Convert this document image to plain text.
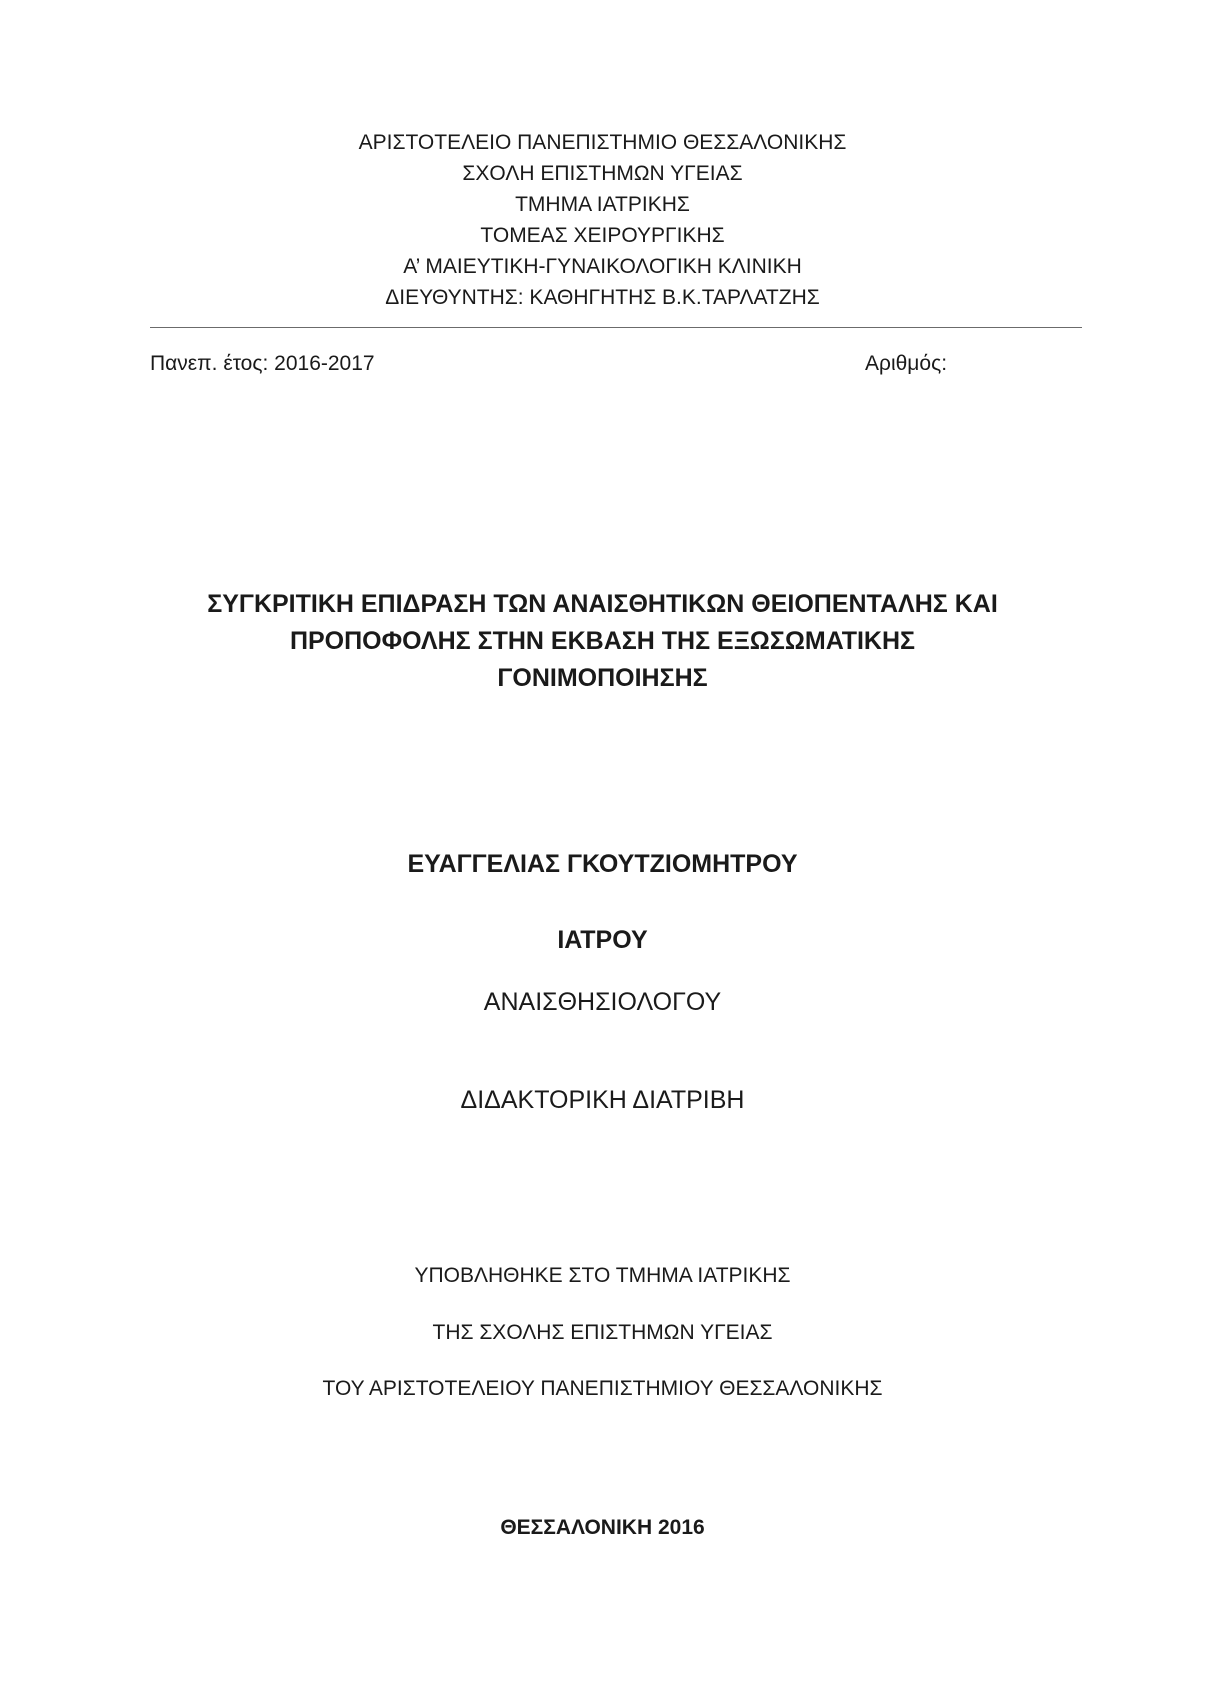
ΑΡΙΣΤΟΤΕΛΕΙΟ ΠΑΝΕΠΙΣΤΗΜΙΟ ΘΕΣΣΑΛΟΝΙΚΗΣ
ΣΧΟΛΗ ΕΠΙΣΤΗΜΩΝ ΥΓΕΙΑΣ
ΤΜΗΜΑ ΙΑΤΡΙΚΗΣ
ΤΟΜΕΑΣ ΧΕΙΡΟΥΡΓΙΚΗΣ
Α’ ΜΑΙΕΥΤΙΚΗ-ΓΥΝΑΙΚΟΛΟΓΙΚΗ ΚΛΙΝΙΚΗ
ΔΙΕΥΘΥΝΤΗΣ: ΚΑΘΗΓΗΤΗΣ Β.Κ.ΤΑΡΛΑΤΖΗΣ
Πανεπ. έτος: 2016-2017	Αριθμός:
ΣΥΓΚΡΙΤΙΚΗ ΕΠΙΔΡΑΣΗ ΤΩΝ ΑΝΑΙΣΘΗΤΙΚΩΝ ΘΕΙΟΠΕΝΤΑΛΗΣ ΚΑΙ
ΠΡΟΠΟΦΟΛΗΣ ΣΤΗΝ ΕΚΒΑΣΗ ΤΗΣ ΕΞΩΣΩΜΑΤΙΚΗΣ
ΓΟΝΙΜΟΠΟΙΗΣΗΣ
ΕΥΑΓΓΕΛΙΑΣ ΓΚΟΥΤΖΙΟΜΗΤΡΟΥ
ΙΑΤΡΟΥ
ΑΝΑΙΣΘΗΣΙΟΛΟΓΟΥ
ΔΙΔΑΚΤΟΡΙΚΗ ΔΙΑΤΡΙΒΗ
ΥΠΟΒΛΗΘΗΚΕ ΣΤΟ ΤΜΗΜΑ ΙΑΤΡΙΚΗΣ
ΤΗΣ ΣΧΟΛΗΣ ΕΠΙΣΤΗΜΩΝ ΥΓΕΙΑΣ
ΤΟΥ ΑΡΙΣΤΟΤΕΛΕΙΟΥ ΠΑΝΕΠΙΣΤΗΜΙΟΥ ΘΕΣΣΑΛΟΝΙΚΗΣ
ΘΕΣΣΑΛΟΝΙΚΗ 2016
